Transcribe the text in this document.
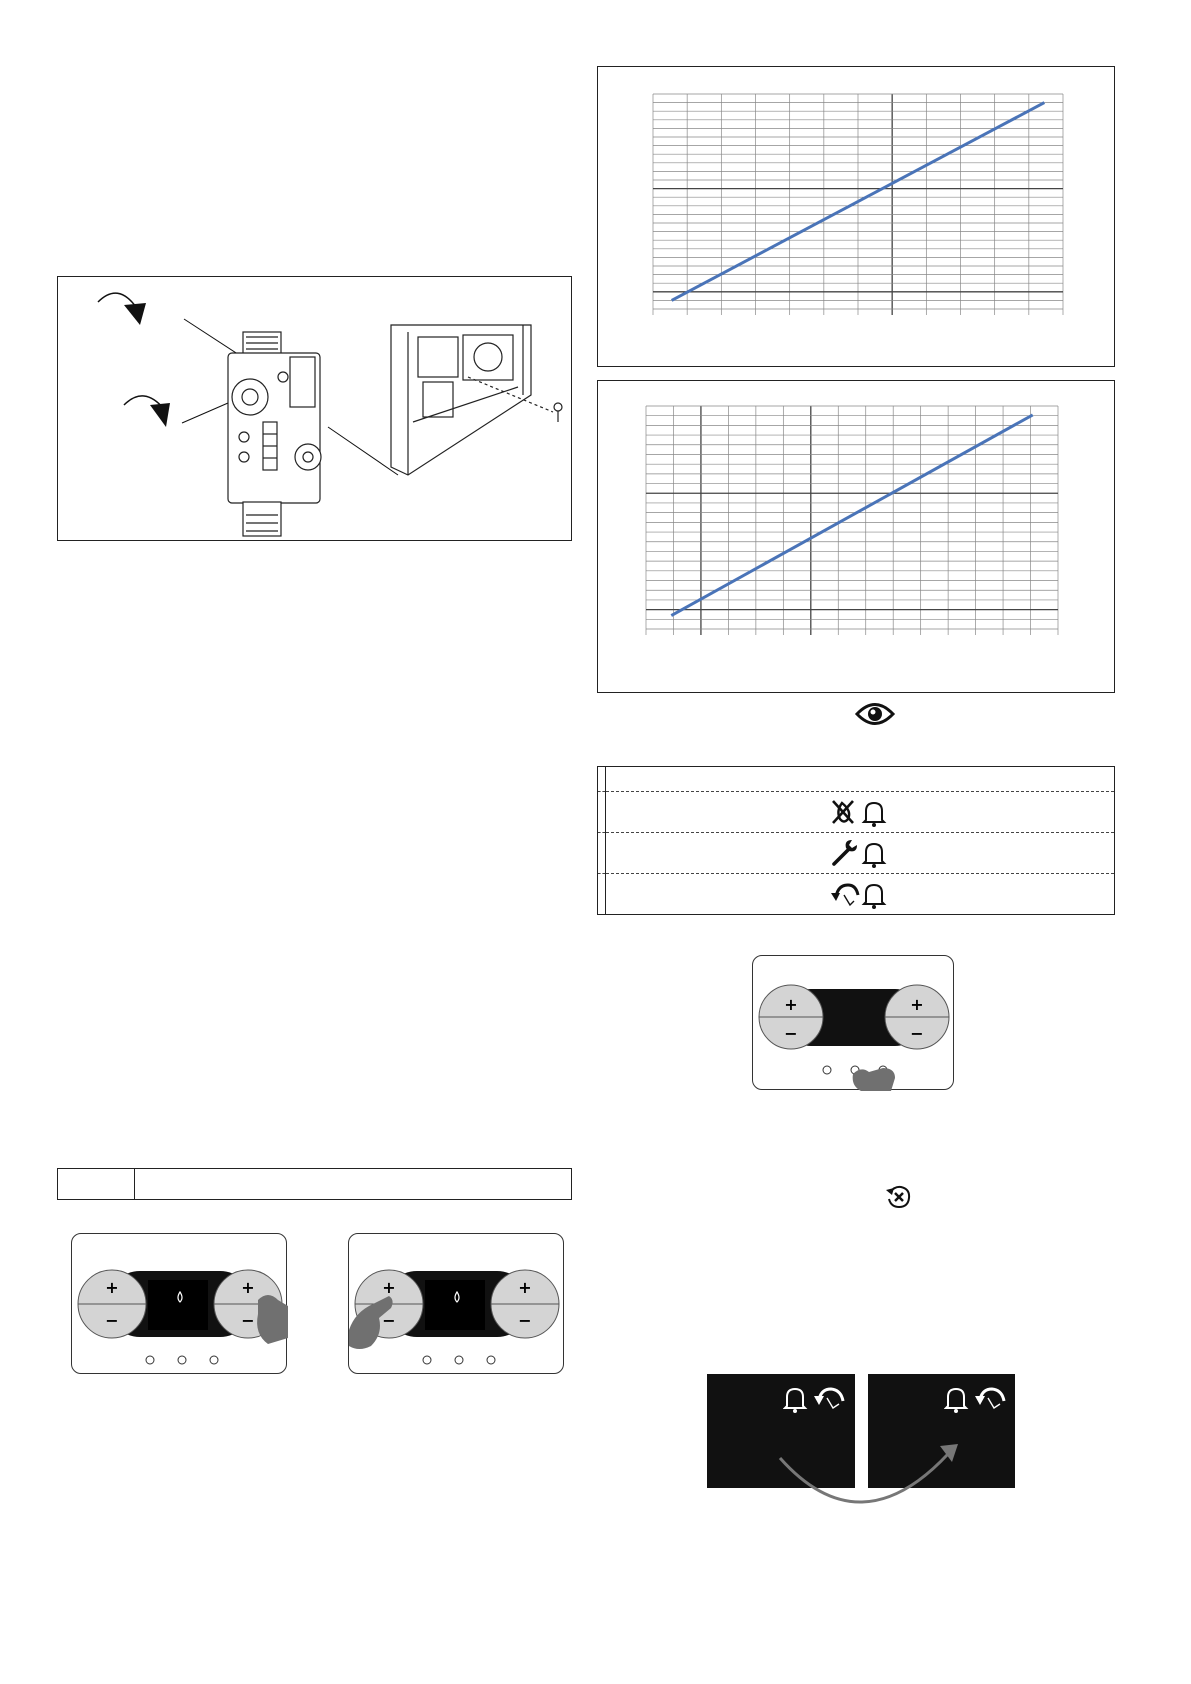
+
−
+
−

+
−
+
−
+
−
+
−
